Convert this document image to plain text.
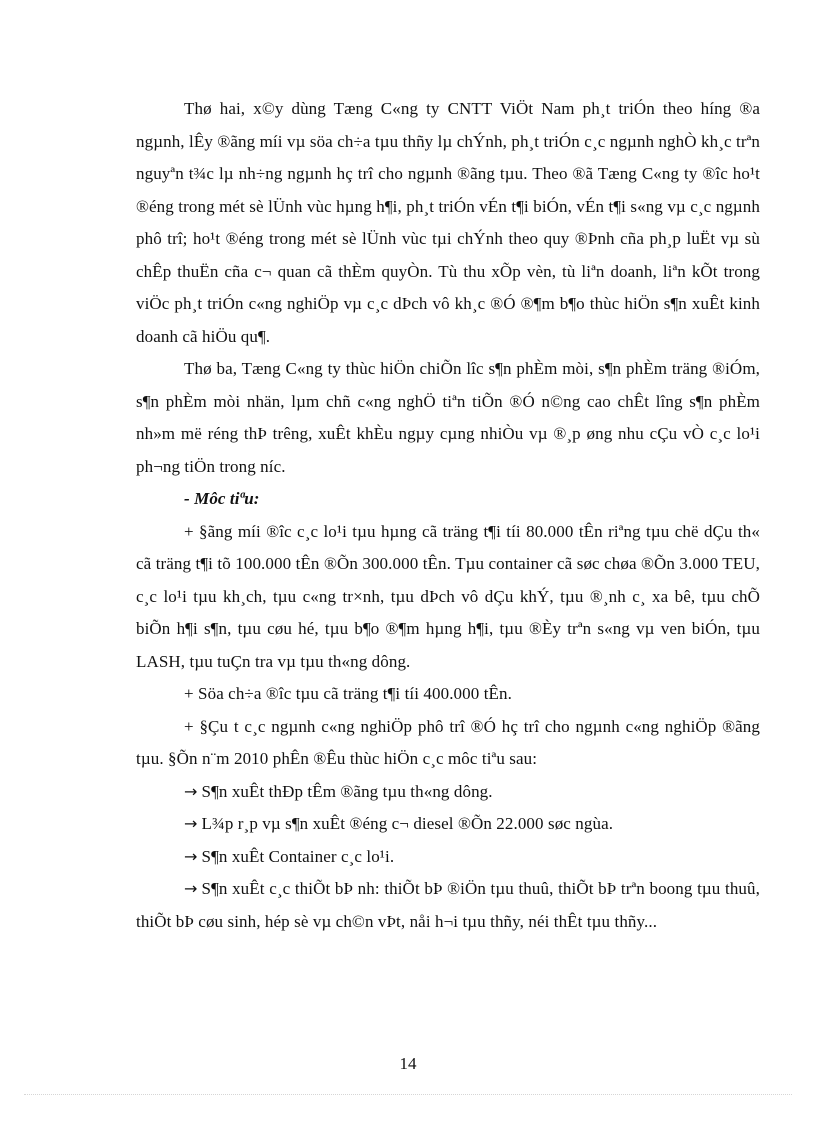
Thø hai, x©y dùng Tæng C«ng ty CNTT ViÖt Nam ph¸t triÓn theo híng ®a ngµnh, lÊy ®ãng míi vµ söa ch÷a tµu thñy lµ chÝnh, ph¸t triÓn c¸c ngµnh nghÒ kh¸c trªn nguyªn t¾c lµ nh÷ng ngµnh hç trî cho ngµnh ®ãng tµu. Theo ®ã Tæng C«ng ty ®îc ho¹t ®éng trong mét sè lÜnh vùc hµng h¶i, ph¸t triÓn vÉn t¶i biÓn, vÉn t¶i s«ng vµ c¸c ngµnh phô trî; ho¹t ®éng trong mét sè lÜnh vùc tµi chÝnh theo quy ®Þnh cña ph¸p luËt vµ sù chÊp thuËn cña c¬ quan cã thÈm quyÒn. Tù thu xÕp vèn, tù liªn doanh, liªn kÕt trong viÖc ph¸t triÓn c«ng nghiÖp vµ c¸c dÞch vô kh¸c ®Ó ®¶m b¶o thùc hiÖn s¶n xuÊt kinh doanh cã hiÖu qu¶.

Thø ba, Tæng C«ng ty thùc hiÖn chiÕn lîc s¶n phÈm mòi, s¶n phÈm träng ®iÓm, s¶n phÈm mòi nhän, lµm chñ c«ng nghÖ tiªn tiÕn ®Ó n©ng cao chÊt lîng s¶n phÈm nh»m më réng thÞ trêng, xuÊt khÈu ngµy cµng nhiÒu vµ ®¸p øng nhu cÇu vÒ c¸c lo¹i ph¬ng tiÖn trong níc.

- Môc tiªu:

+ §ãng míi ®îc c¸c lo¹i tµu hµng cã träng t¶i tíi 80.000 tÊn riªng tµu chë dÇu th« cã träng t¶i tõ 100.000 tÊn ®Õn 300.000 tÊn. Tµu container cã søc chøa ®Õn 3.000 TEU, c¸c lo¹i tµu kh¸ch, tµu c«ng tr×nh, tµu dÞch vô dÇu khÝ, tµu ®¸nh c¸ xa bê, tµu chÕ biÕn h¶i s¶n, tµu cøu hé, tµu b¶o ®¶m hµng h¶i, tµu ®Èy trªn s«ng vµ ven biÓn, tµu LASH, tµu tuÇn tra vµ tµu th«ng dông.

+ Söa ch÷a ®îc tµu cã träng t¶i tíi 400.000 tÊn.

+ §Çu t c¸c ngµnh c«ng nghiÖp phô trî ®Ó hç trî cho ngµnh c«ng nghiÖp ®ãng tµu. §Õn n¨m 2010 phÊn ®Êu thùc hiÖn c¸c môc tiªu sau:

→ S¶n xuÊt thÐp tÊm ®ãng tµu th«ng dông.

→ L¾p r¸p vµ s¶n xuÊt ®éng c¬ diesel ®Õn 22.000 søc ngùa.

→ S¶n xuÊt Container c¸c lo¹i.

→ S¶n xuÊt c¸c thiÕt bÞ nh: thiÕt bÞ ®iÖn tµu thuû, thiÕt bÞ trªn boong tµu thuû, thiÕt bÞ cøu sinh, hép sè vµ ch©n vÞt, nåi h¬i tµu thñy, néi thÊt tµu thñy...

14
